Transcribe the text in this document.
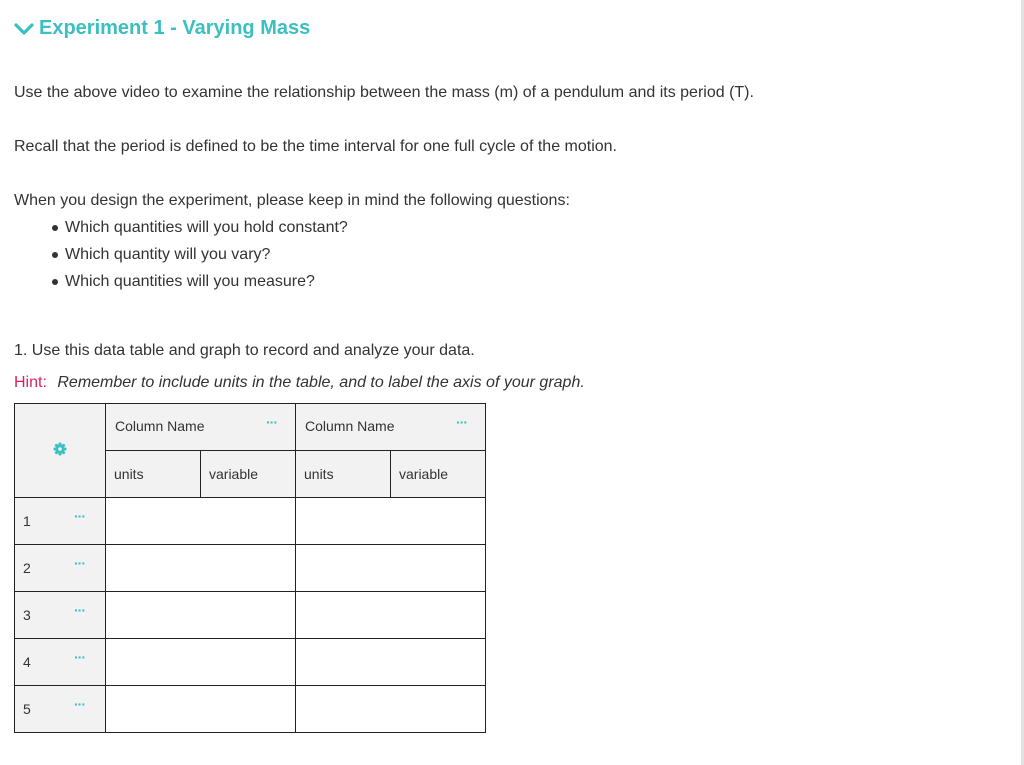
Experiment 1 - Varying Mass
Use the above video to examine the relationship between the mass (m) of a pendulum and its period (T).
Recall that the period is defined to be the time interval for one full cycle of the motion.
When you design the experiment, please keep in mind the following questions:
Which quantities will you hold constant?
Which quantity will you vary?
Which quantities will you measure?
1. Use this data table and graph to record and analyze your data.
Hint: Remember to include units in the table, and to label the axis of your graph.

Column Name ···		Column Name ···	

	units	variable	units	variable

1 ···				

2 ···				

3 ···				

4 ···				

5 ···				
